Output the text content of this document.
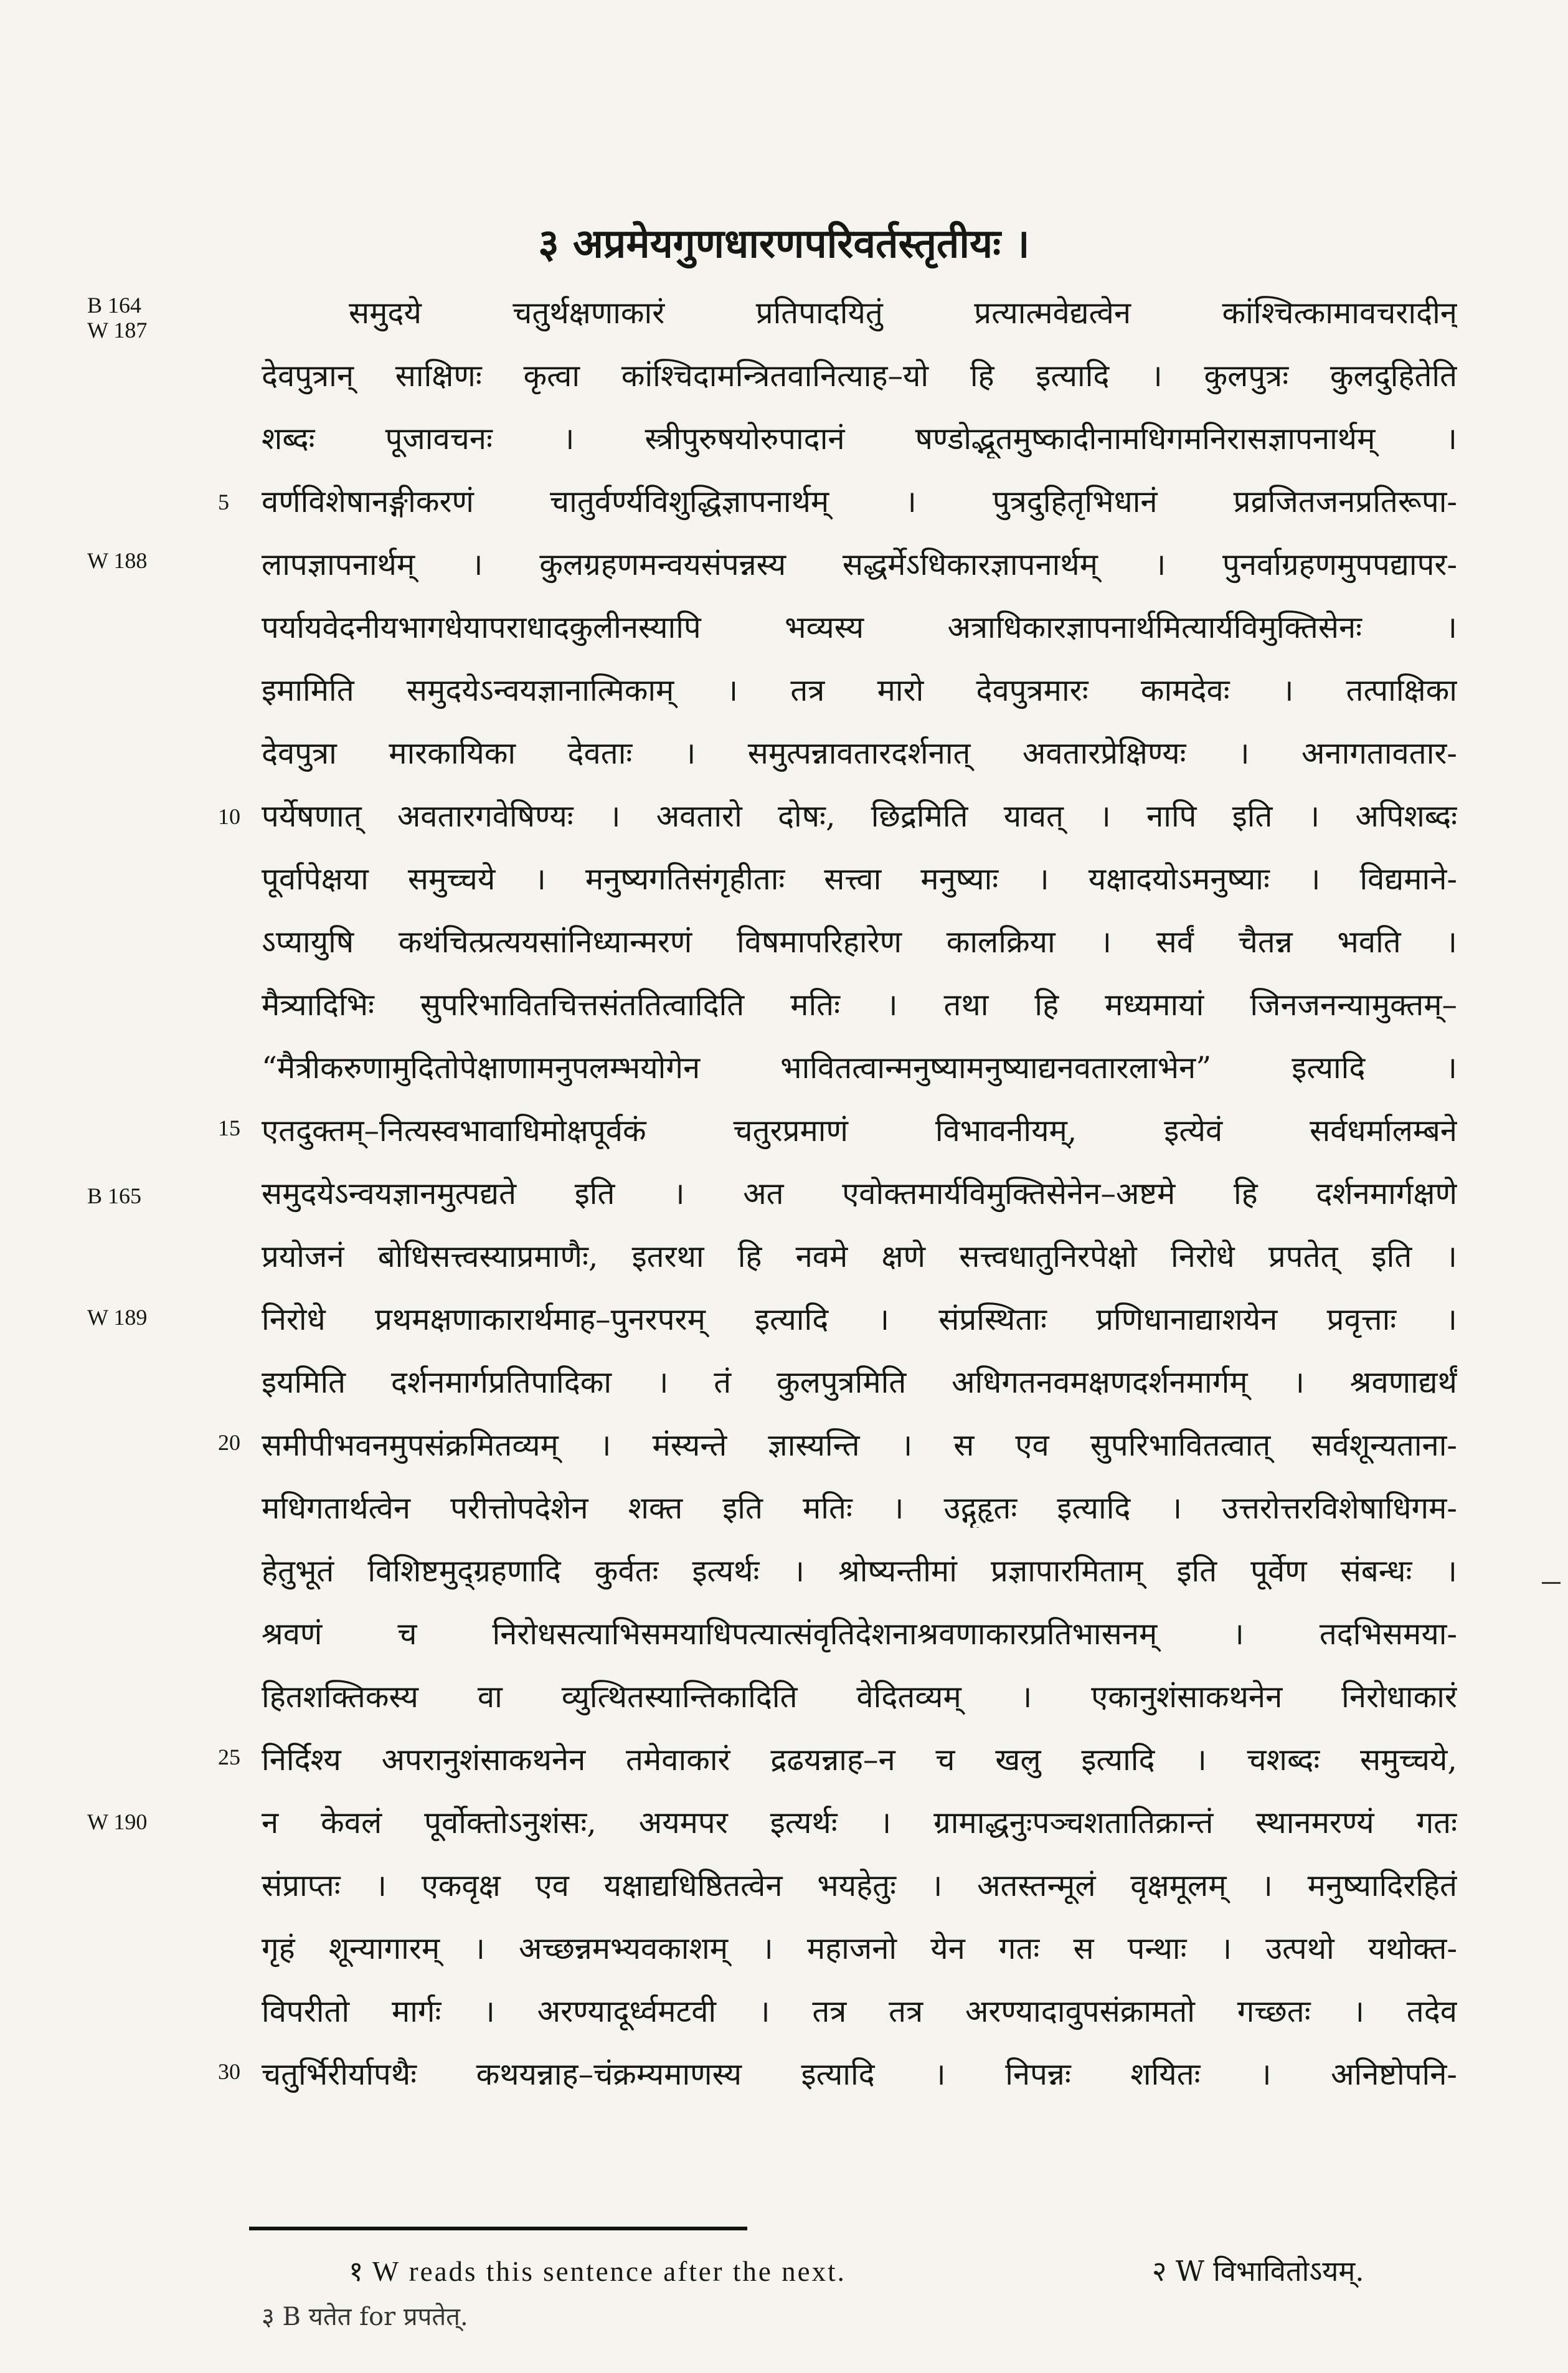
३ अप्रमेयगुणधारणपरिवर्तस्तृतीयः ।
B 164
W 187
W 188
B 165
W 189
W 190
5
10
15
20
25
30
समुदये चतुर्थक्षणाकारं प्रतिपादयितुं प्रत्यात्मवेद्यत्वेन कांश्चित्कामावचरादीन्
देवपुत्रान् साक्षिणः कृत्वा कांश्चिदामन्त्रितवानित्याह–यो हि इत्यादि । कुलपुत्रः कुलदुहितेति
शब्दः पूजावचनः । स्त्रीपुरुषयोरुपादानं षण्डोद्भूतमुष्कादीनामधिगमनिरासज्ञापनार्थम् ।
वर्णविशेषानङ्गीकरणं चातुर्वर्ण्यविशुद्धिज्ञापनार्थम् । पुत्रदुहितृभिधानं प्रव्रजितजनप्रतिरूपा-
लापज्ञापनार्थम् । कुलग्रहणमन्वयसंपन्नस्य सद्धर्मेऽधिकारज्ञापनार्थम् । पुनर्वाग्रहणमुपपद्यापर-
पर्यायवेदनीयभागधेयापराधादकुलीनस्यापि भव्यस्य अत्राधिकारज्ञापनार्थमित्यार्यविमुक्तिसेनः ।
इमामिति समुदयेऽन्वयज्ञानात्मिकाम् । तत्र मारो देवपुत्रमारः कामदेवः । तत्पाक्षिका
देवपुत्रा मारकायिका देवताः । समुत्पन्नावतारदर्शनात् अवतारप्रेक्षिण्यः । अनागतावतार-
पर्येषणात् अवतारगवेषिण्यः । अवतारो दोषः, छिद्रमिति यावत् । नापि इति । अपिशब्दः
पूर्वापेक्षया समुच्चये । मनुष्यगतिसंगृहीताः सत्त्वा मनुष्याः । यक्षादयोऽमनुष्याः । विद्यमाने-
ऽप्यायुषि कथंचित्प्रत्ययसांनिध्यान्मरणं विषमापरिहारेण कालक्रिया । सर्वं चैतन्न भवति ।
मैत्र्यादिभिः सुपरिभावितचित्तसंततित्वादिति मतिः । तथा हि मध्यमायां जिनजनन्यामुक्तम्–
“मैत्रीकरुणामुदितोपेक्षाणामनुपलम्भयोगेन भावितत्वान्मनुष्यामनुष्याद्यनवतारलाभेन” इत्यादि ।
एतदुक्तम्–नित्यस्वभावाधिमोक्षपूर्वकं चतुरप्रमाणं विभावनीयम्, इत्येवं सर्वधर्मालम्बने
समुदयेऽन्वयज्ञानमुत्पद्यते इति । अत एवोक्तमार्यविमुक्तिसेनेन–अष्टमे हि दर्शनमार्गक्षणे
प्रयोजनं बोधिसत्त्वस्याप्रमाणैः, इतरथा हि नवमे क्षणे सत्त्वधातुनिरपेक्षो निरोधे प्रपतेत् इति ।
निरोधे प्रथमक्षणाकारार्थमाह–पुनरपरम् इत्यादि । संप्रस्थिताः प्रणिधानाद्याशयेन प्रवृत्ताः ।
इयमिति दर्शनमार्गप्रतिपादिका । तं कुलपुत्रमिति अधिगतनवमक्षणदर्शनमार्गम् । श्रवणाद्यर्थं
समीपीभवनमुपसंक्रमितव्यम् । मंस्यन्ते ज्ञास्यन्ति । स एव सुपरिभावितत्वात् सर्वशून्यताना-
मधिगतार्थत्वेन परीत्तोपदेशेन शक्त इति मतिः । उद्गृहृतः इत्यादि । उत्तरोत्तरविशेषाधिगम-
हेतुभूतं विशिष्टमुद्ग्रहणादि कुर्वतः इत्यर्थः । श्रोष्यन्तीमां प्रज्ञापारमिताम् इति पूर्वेण संबन्धः ।
श्रवणं च निरोधसत्याभिसमयाधिपत्यात्संवृतिदेशनाश्रवणाकारप्रतिभासनम् । तदभिसमया-
हितशक्तिकस्य वा व्युत्थितस्यान्तिकादिति वेदितव्यम् । एकानुशंसाकथनेन निरोधाकारं
निर्दिश्य अपरानुशंसाकथनेन तमेवाकारं द्रढयन्नाह–न च खलु इत्यादि । चशब्दः समुच्चये,
न केवलं पूर्वोक्तोऽनुशंसः, अयमपर इत्यर्थः । ग्रामाद्धनुःपञ्चशतातिक्रान्तं स्थानमरण्यं गतः
संप्राप्तः । एकवृक्ष एव यक्षाद्यधिष्ठितत्वेन भयहेतुः । अतस्तन्मूलं वृक्षमूलम् । मनुष्यादिरहितं
गृहं शून्यागारम् । अच्छन्नमभ्यवकाशम् । महाजनो येन गतः स पन्थाः । उत्पथो यथोक्त-
विपरीतो मार्गः । अरण्यादूर्ध्वमटवी । तत्र तत्र अरण्यादावुपसंक्रामतो गच्छतः । तदेव
चतुर्भिरीर्यापथैः कथयन्नाह–चंक्रम्यमाणस्य इत्यादि । निपन्नः शयितः । अनिष्टोपनि-
१ W reads this sentence after the next.	२ W विभावितोऽयम्.
३ B यतेत for प्रपतेत्.
